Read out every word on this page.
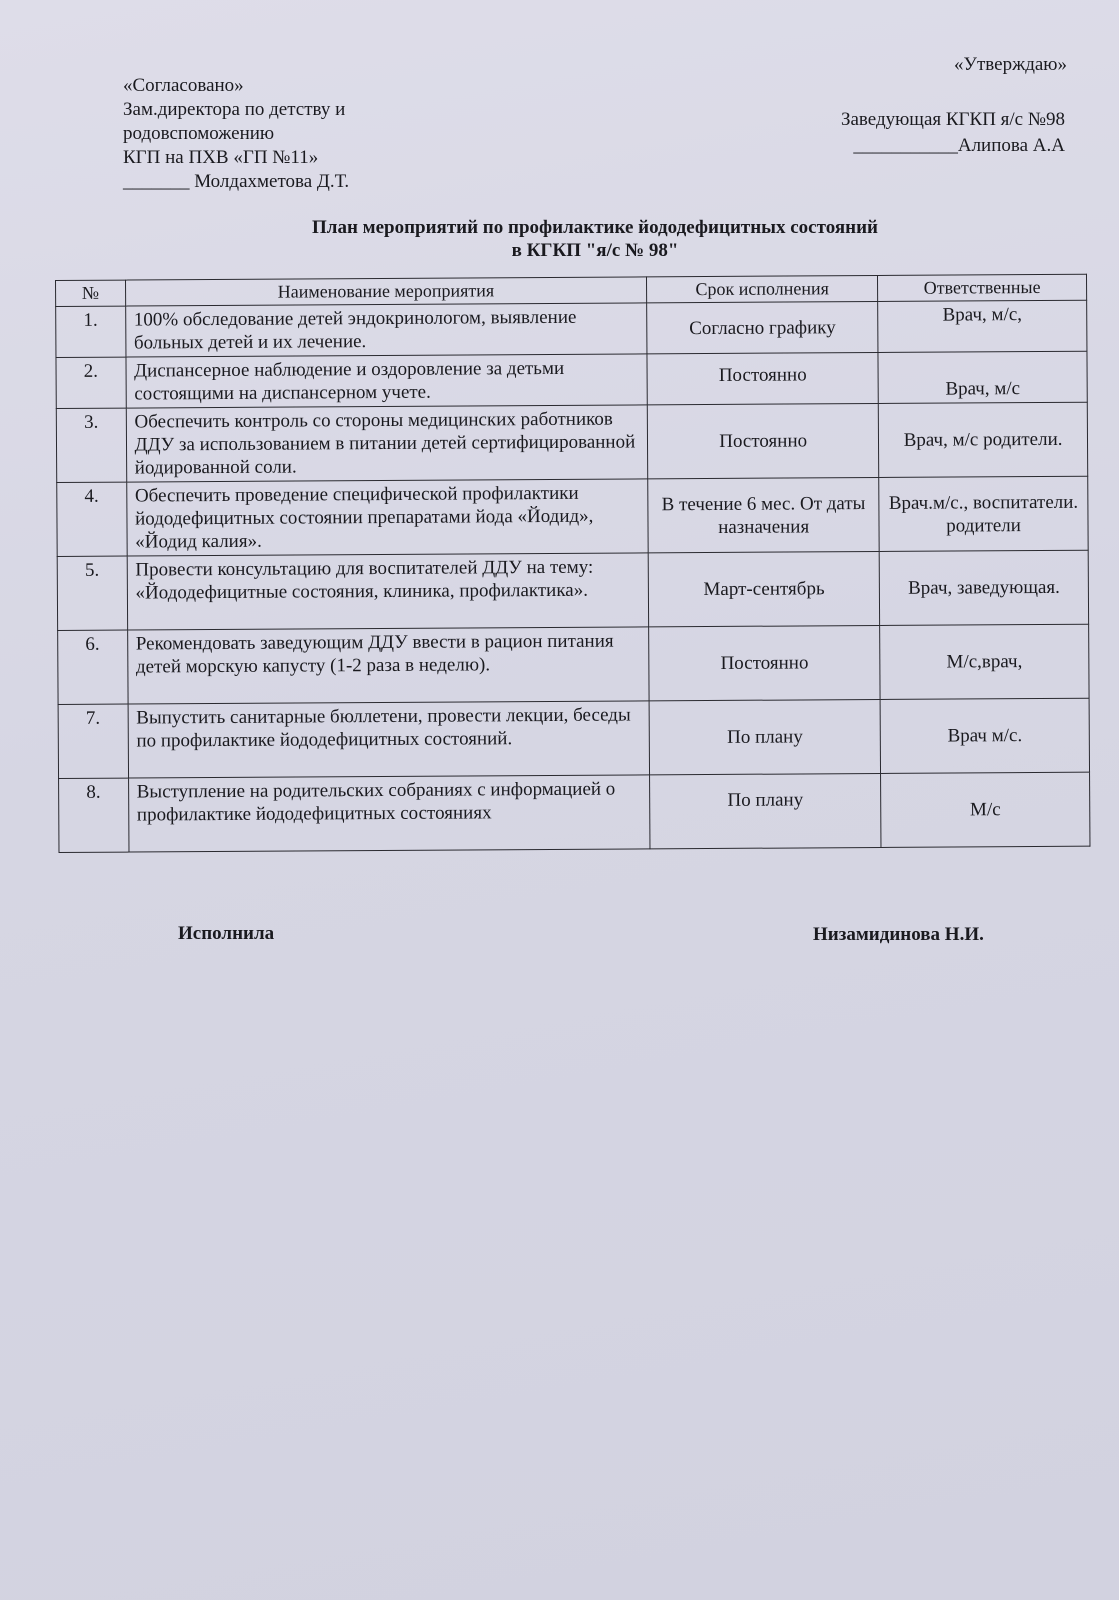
«Согласовано»
Зам.директора по детству и
родовспоможению
КГП на ПХВ «ГП №11»
_______ Молдахметова Д.Т.
«Утверждаю»
Заведующая КГКП я/с №98
___________Алипова А.А
План мероприятий по профилактике йододефицитных состояний
в КГКП "я/с № 98"
№	Наименование мероприятия	Срок исполнения	Ответственные
1.	100% обследование детей эндокринологом, выявление больных детей и их лечение.	Согласно графику	Врач, м/с,
2.	Диспансерное наблюдение и оздоровление за детьми состоящими на диспансерном учете.	Постоянно	Врач, м/с
3.	Обеспечить контроль со стороны медицинских работников ДДУ за использованием в питании детей сертифицированной йодированной соли.	Постоянно	Врач, м/с родители.
4.	Обеспечить проведение специфической профилактики йододефицитных состоянии препаратами йода «Йодид», «Йодид калия».	В течение 6 мес. От даты назначения	Врач.м/с., воспитатели. родители
5.	Провести консультацию для воспитателей ДДУ на тему: «Йододефицитные состояния, клиника, профилактика».	Март-сентябрь	Врач, заведующая.
6.	Рекомендовать заведующим ДДУ ввести в рацион питания детей морскую капусту (1-2 раза в неделю).	Постоянно	М/с,врач,
7.	Выпустить санитарные бюллетени, провести лекции, беседы по профилактике йододефицитных состояний.	По плану	Врач м/с.
8.	Выступление на родительских собраниях с информацией о профилактике йододефицитных состояниях	По плану	М/с
Исполнила	Низамидинова Н.И.
